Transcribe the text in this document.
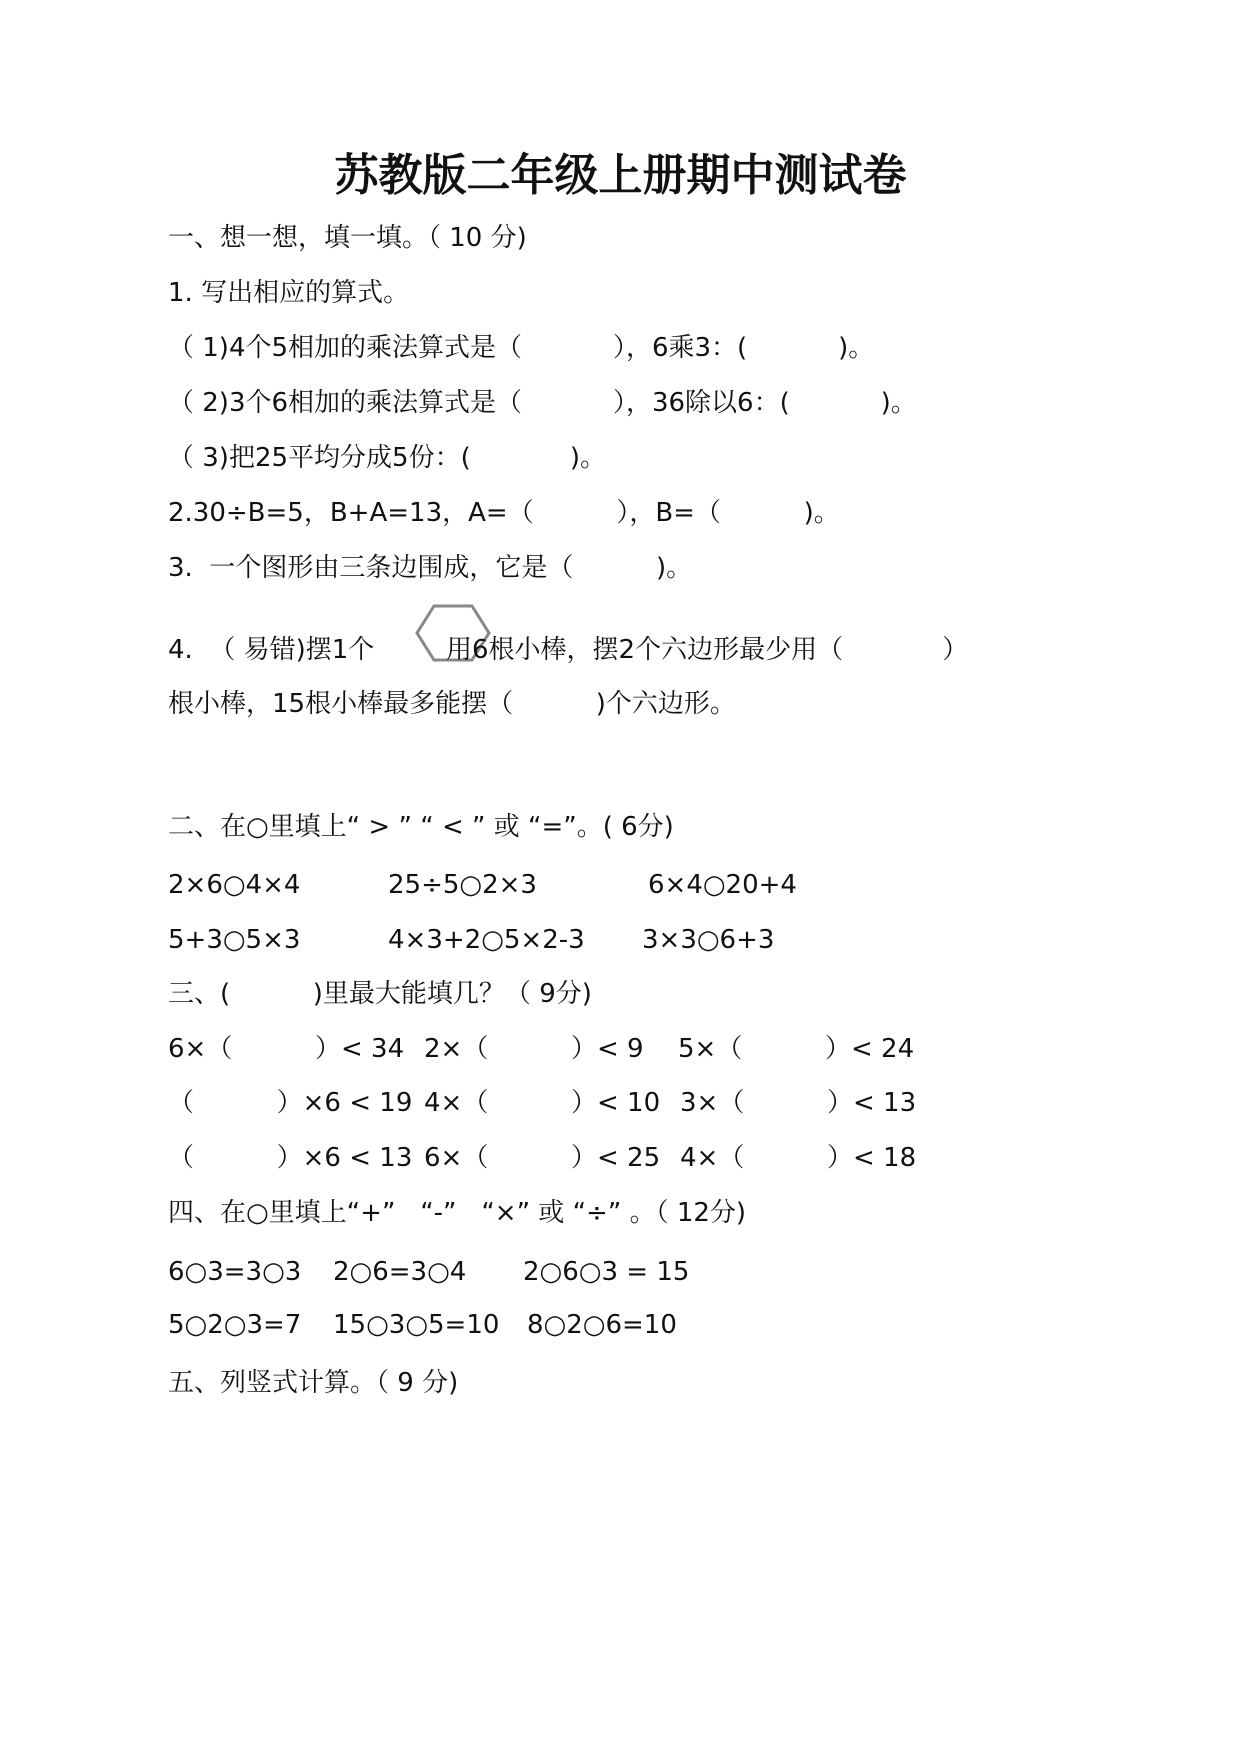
苏教版二年级上册期中测试卷
一、想一想，填一填。（ 10 分)
1. 写出相应的算式。
（ 1)4个5相加的乘法算式是（           ），6乘3：(           )。
（ 2)3个6相加的乘法算式是（           ），36除以6：(           )。
（ 3)把25平均分成5份：(            )。
2.30÷B=5，B+A=13，A=（          ），B=（          )。
3.  一个图形由三条边围成，它是（          )。
4.  （ 易错)摆1个	用6根小棒，摆2个六边形最少用（            ）
根小棒，15根小棒最多能摆（          )个六边形。
二、在○里填上“ > ” “ < ” 或 “=”。( 6分)
2×6○4×4	25÷5○2×3	6×4○20+4
5+3○5×3	4×3+2○5×2-3 3×3○6+3
三、(          )里最大能填几？（ 9分)
6×（          ）< 34 2×（          ）< 9 5×（          ）< 24
（          ）×6 < 19 4×（          ）< 10 3×（          ）< 13
（          ）×6 < 13 6×（          ）< 25 4×（          ）< 18
四、在○里填上“+”   “-”   “×” 或 “÷” 。（ 12分)
6○3=3○3 2○6=3○4 2○6○3 = 15
5○2○3=7 15○3○5=10 8○2○6=10
五、列竖式计算。（ 9 分)
